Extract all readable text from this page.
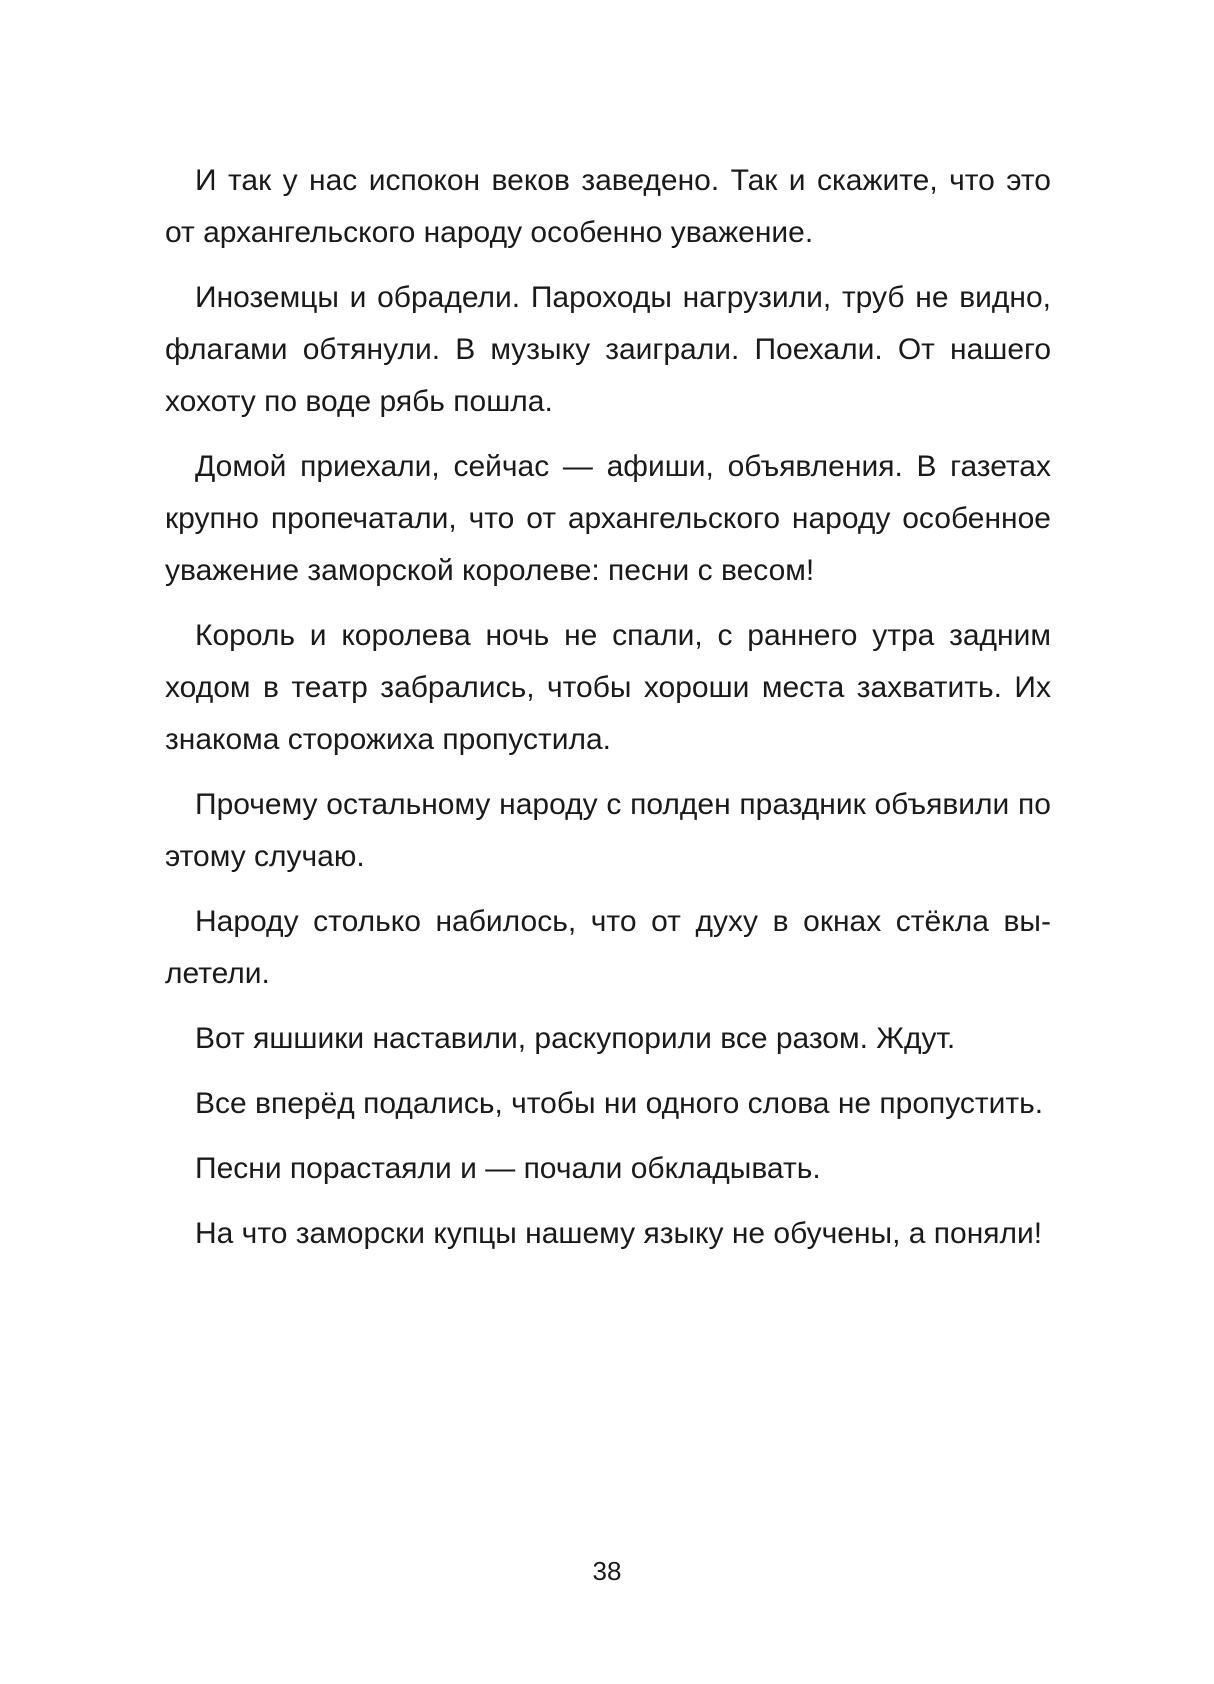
И так у нас испокон веков заведено. Так и скажите, что это от архангельского народу особенно уважение.

Иноземцы и обрадели. Пароходы нагрузили, труб не видно, флагами обтянули. В музыку заиграли. Поехали. От нашего хохоту по воде рябь пошла.

Домой приехали, сейчас — афиши, объявления. В газетах крупно пропечатали, что от архангельского народу особенное уважение заморской королеве: песни с весом!

Король и королева ночь не спали, с раннего утра задним ходом в театр забрались, чтобы хороши места захватить. Их знакома сторожиха пропустила.

Прочему остальному народу с полден праздник объявили по этому случаю.

Народу столько набилось, что от духу в окнах стёкла вылетели.

Вот яшшики наставили, раскупорили все разом. Ждут.

Все вперёд подались, чтобы ни одного слова не пропустить.

Песни порастаяли и — почали обкладывать.

На что заморски купцы нашему языку не обучены, а поняли!

38
